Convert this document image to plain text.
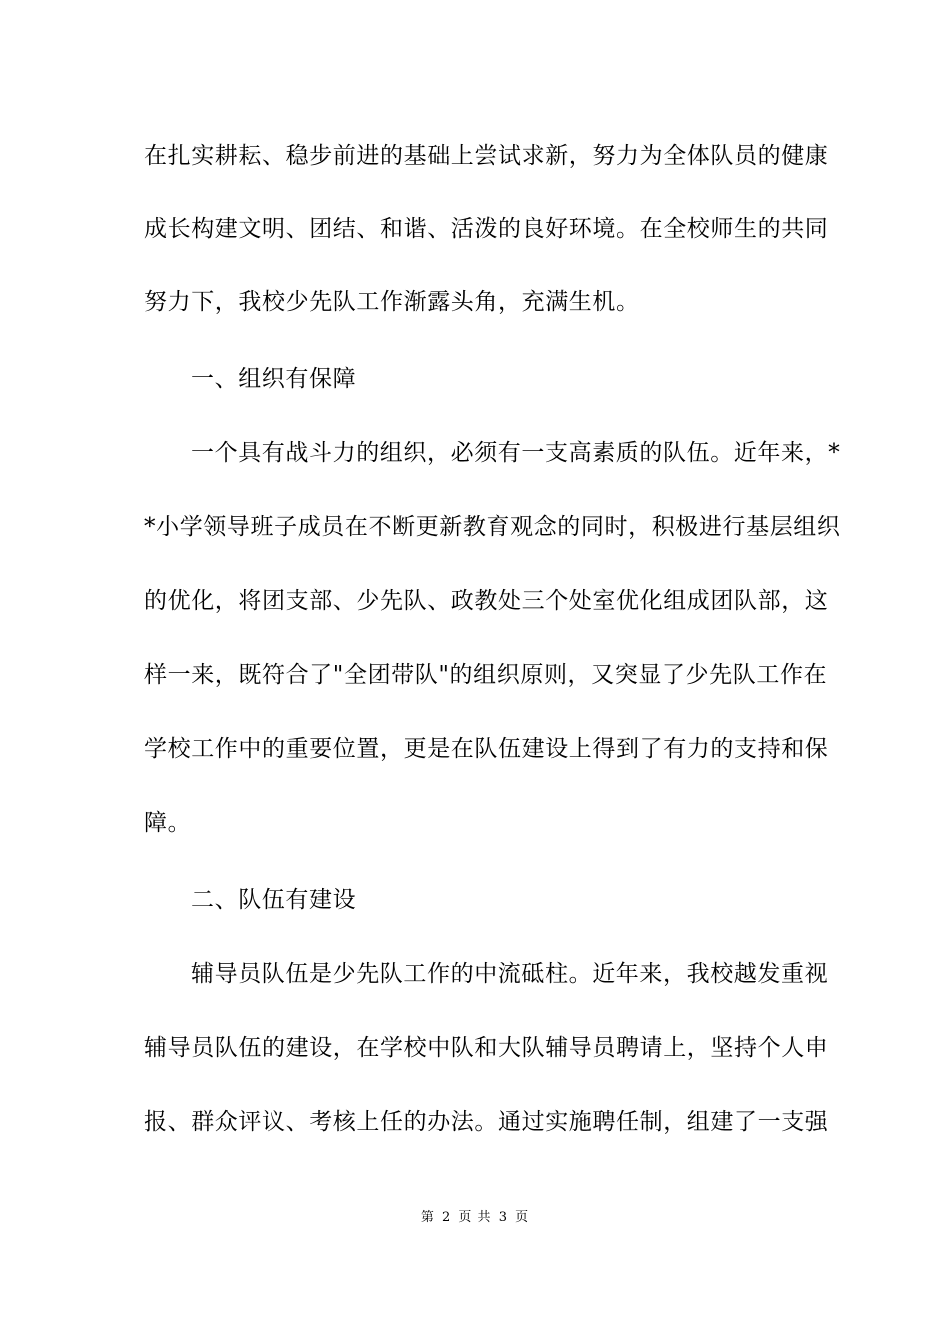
在扎实耕耘、稳步前进的基础上尝试求新，努力为全体队员的健康
成长构建文明、团结、和谐、活泼的良好环境。在全校师生的共同
努力下，我校少先队工作渐露头角，充满生机。
一、组织有保障
一个具有战斗力的组织，必须有一支高素质的队伍。近年来，*
*小学领导班子成员在不断更新教育观念的同时，积极进行基层组织
的优化，将团支部、少先队、政教处三个处室优化组成团队部，这
样一来，既符合了"全团带队"的组织原则，又突显了少先队工作在
学校工作中的重要位置，更是在队伍建设上得到了有力的支持和保
障。
二、队伍有建设
辅导员队伍是少先队工作的中流砥柱。近年来，我校越发重视
辅导员队伍的建设，在学校中队和大队辅导员聘请上，坚持个人申
报、群众评议、考核上任的办法。通过实施聘任制，组建了一支强
第 2 页 共 3 页
